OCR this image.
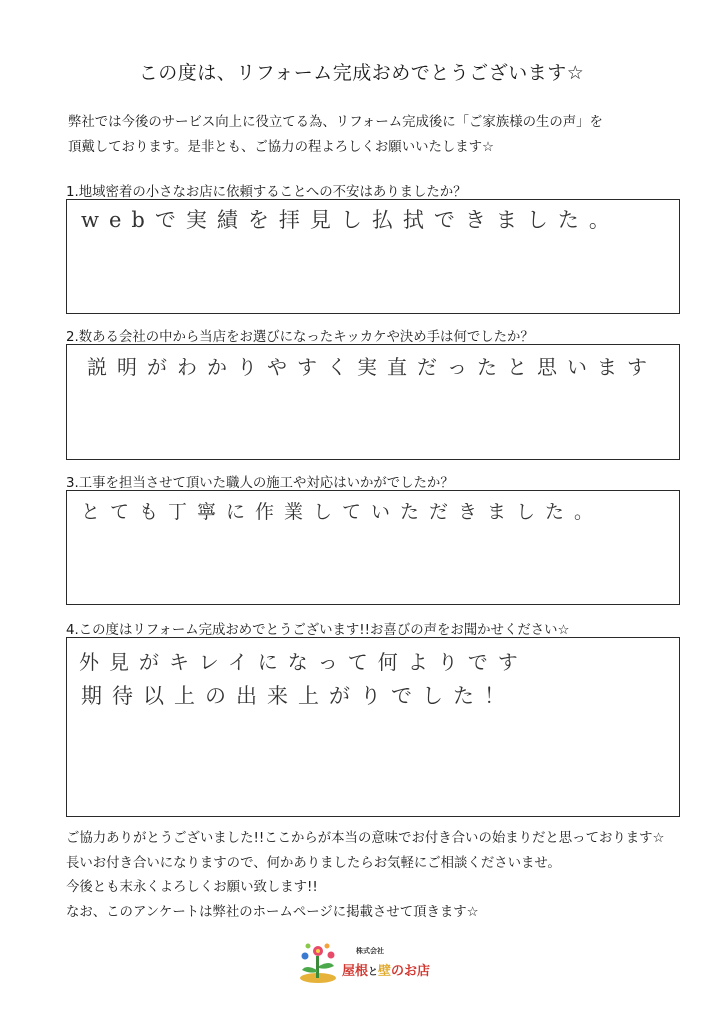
この度は、リフォーム完成おめでとうございます☆
弊社では今後のサービス向上に役立てる為、リフォーム完成後に「ご家族様の生の声」を
頂戴しております。是非とも、ご協力の程よろしくお願いいたします☆
1.地域密着の小さなお店に依頼することへの不安はありましたか？
webで実績を拝見し払拭できました。
2.数ある会社の中から当店をお選びになったキッカケや決め手は何でしたか？
説明がわかりやすく実直だったと思います
3.工事を担当させて頂いた職人の施工や対応はいかがでしたか？
とても丁寧に作業していただきました。
4.この度はリフォーム完成おめでとうございます!!お喜びの声をお聞かせください☆
外見がキレイになって何よりです
期待以上の出来上がりでした！
ご協力ありがとうございました!!ここからが本当の意味でお付き合いの始まりだと思っております☆
長いお付き合いになりますので、何かありましたらお気軽にご相談くださいませ。
今後とも末永くよろしくお願い致します!!
なお、このアンケートは弊社のホームページに掲載させて頂きます☆
株式会社
屋根と壁のお店
